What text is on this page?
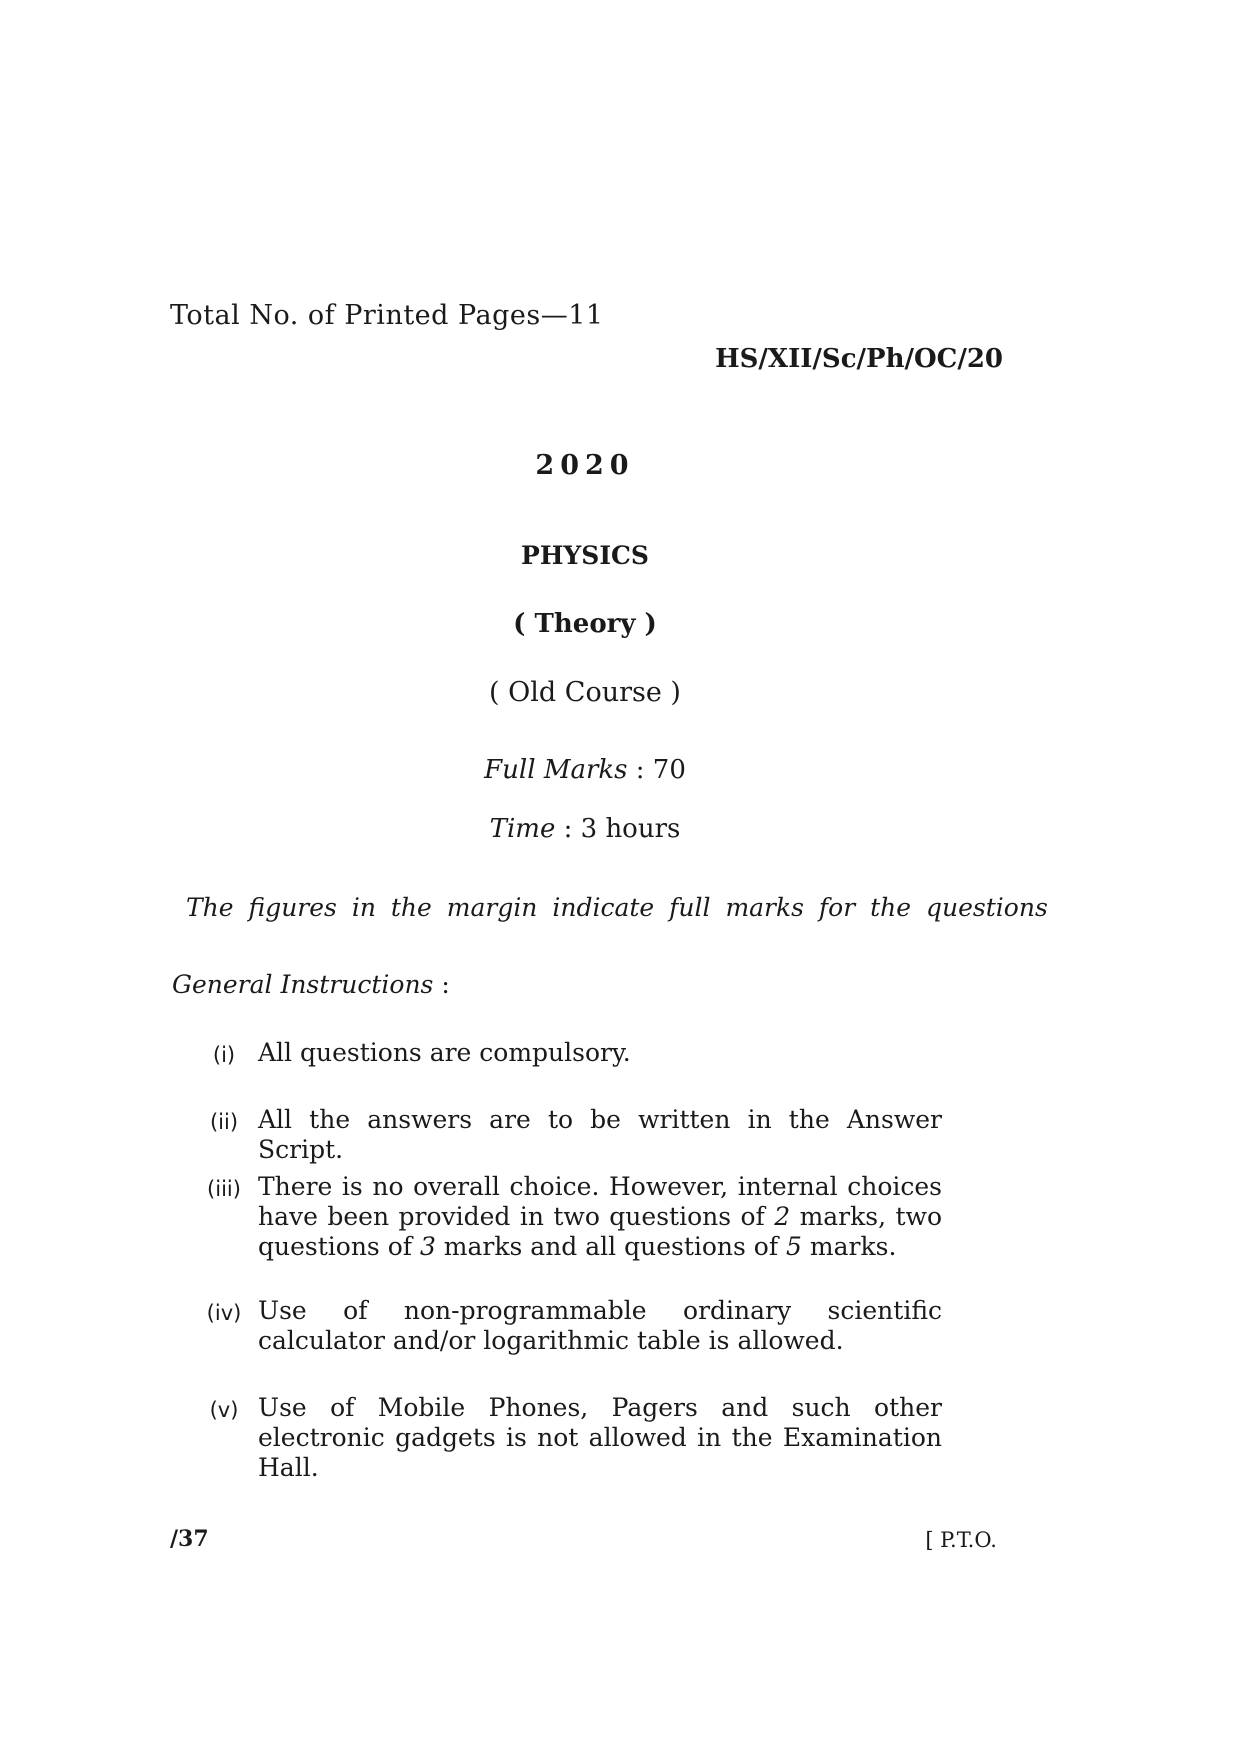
Total No. of Printed Pages—11
HS/XII/Sc/Ph/OC/20
2020
PHYSICS
( Theory )
( Old Course )
Full Marks : 70
Time : 3 hours
The figures in the margin indicate full marks for the questions
General Instructions :
(i) All questions are compulsory.
(ii) All the answers are to be written in the Answer Script.
(iii) There is no overall choice. However, internal choices have been provided in two questions of 2 marks, two questions of 3 marks and all questions of 5 marks.
(iv) Use of non-programmable ordinary scientific calculator and/or logarithmic table is allowed.
(v) Use of Mobile Phones, Pagers and such other electronic gadgets is not allowed in the Examination Hall.
/37	[ P.T.O.
